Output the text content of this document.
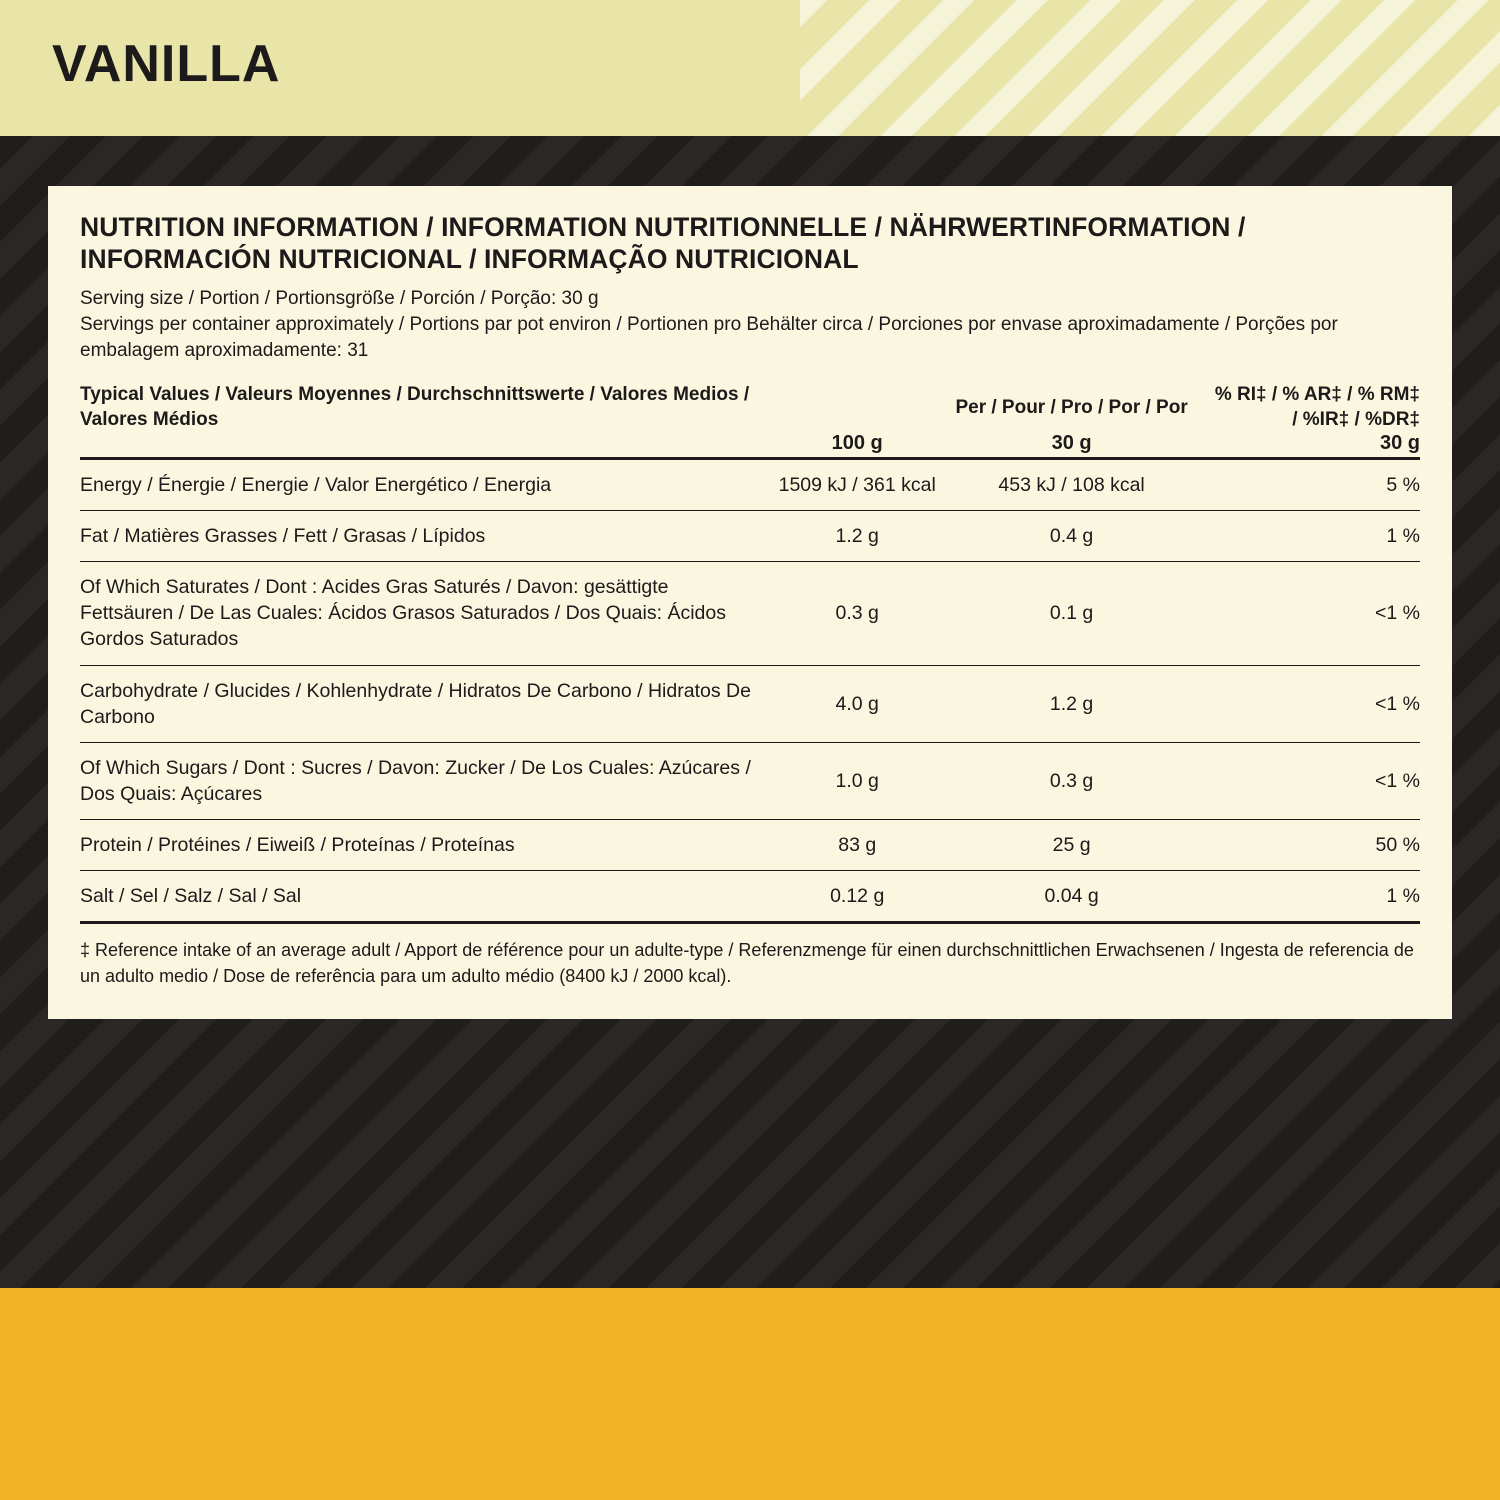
VANILLA
NUTRITION INFORMATION / INFORMATION NUTRITIONNELLE / NÄHRWERTINFORMATION / INFORMACIÓN NUTRICIONAL / INFORMAÇÃO NUTRICIONAL
Serving size / Portion / Portionsgröße / Porción / Porção: 30 g
Servings per container approximately / Portions par pot environ / Portionen pro Behälter circa / Porciones por envase aproximadamente / Porções por embalagem aproximadamente: 31
Typical Values / Valeurs Moyennes / Durchschnittswerte / Valores Medios / Valores Médios		Per / Pour / Pro / Por / Por	% RI‡ / % AR‡ / % RM‡ / %IR‡ / %DR‡
	100 g	30 g	30 g

Energy / Énergie / Energie / Valor Energético / Energia	1509 kJ / 361 kcal	453 kJ / 108 kcal	5 %
Fat / Matières Grasses / Fett / Grasas / Lípidos	1.2 g	0.4 g	1 %
Of Which Saturates / Dont : Acides Gras Saturés / Davon: gesättigte Fettsäuren / De Las Cuales: Ácidos Grasos Saturados / Dos Quais: Ácidos Gordos Saturados	0.3 g	0.1 g	<1 %
Carbohydrate / Glucides / Kohlenhydrate / Hidratos De Carbono / Hidratos De Carbono	4.0 g	1.2 g	<1 %
Of Which Sugars / Dont : Sucres / Davon: Zucker / De Los Cuales: Azúcares / Dos Quais: Açúcares	1.0 g	0.3 g	<1 %
Protein / Protéines / Eiweiß / Proteínas / Proteínas	83 g	25 g	50 %
Salt / Sel / Salz / Sal / Sal	0.12 g	0.04 g	1 %
‡ Reference intake of an average adult / Apport de référence pour un adulte-type / Referenzmenge für einen durchschnittlichen Erwachsenen / Ingesta de referencia de un adulto medio / Dose de referência para um adulto médio (8400 kJ / 2000 kcal).
